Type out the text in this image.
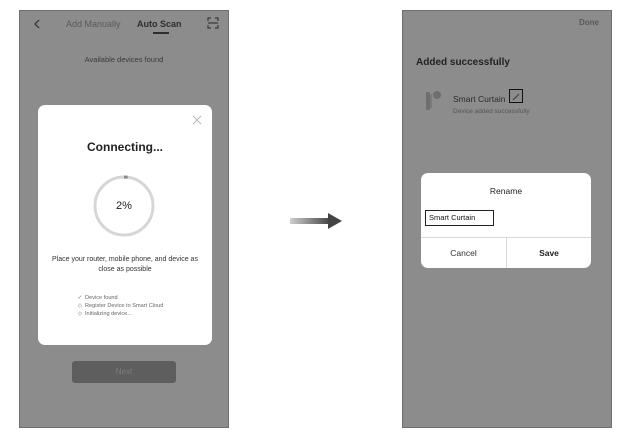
Add Manually Auto Scan
Available devices found
Connecting...
2%
Place your router, mobile phone, and device as close as possible
✓ Device found
◇ Register Device to Smart Cloud
◇ Initializing device...
Next
Done
Added successfully
Smart Curtain
Device added successfully
Rename
Smart Curtain
Cancel	Save
